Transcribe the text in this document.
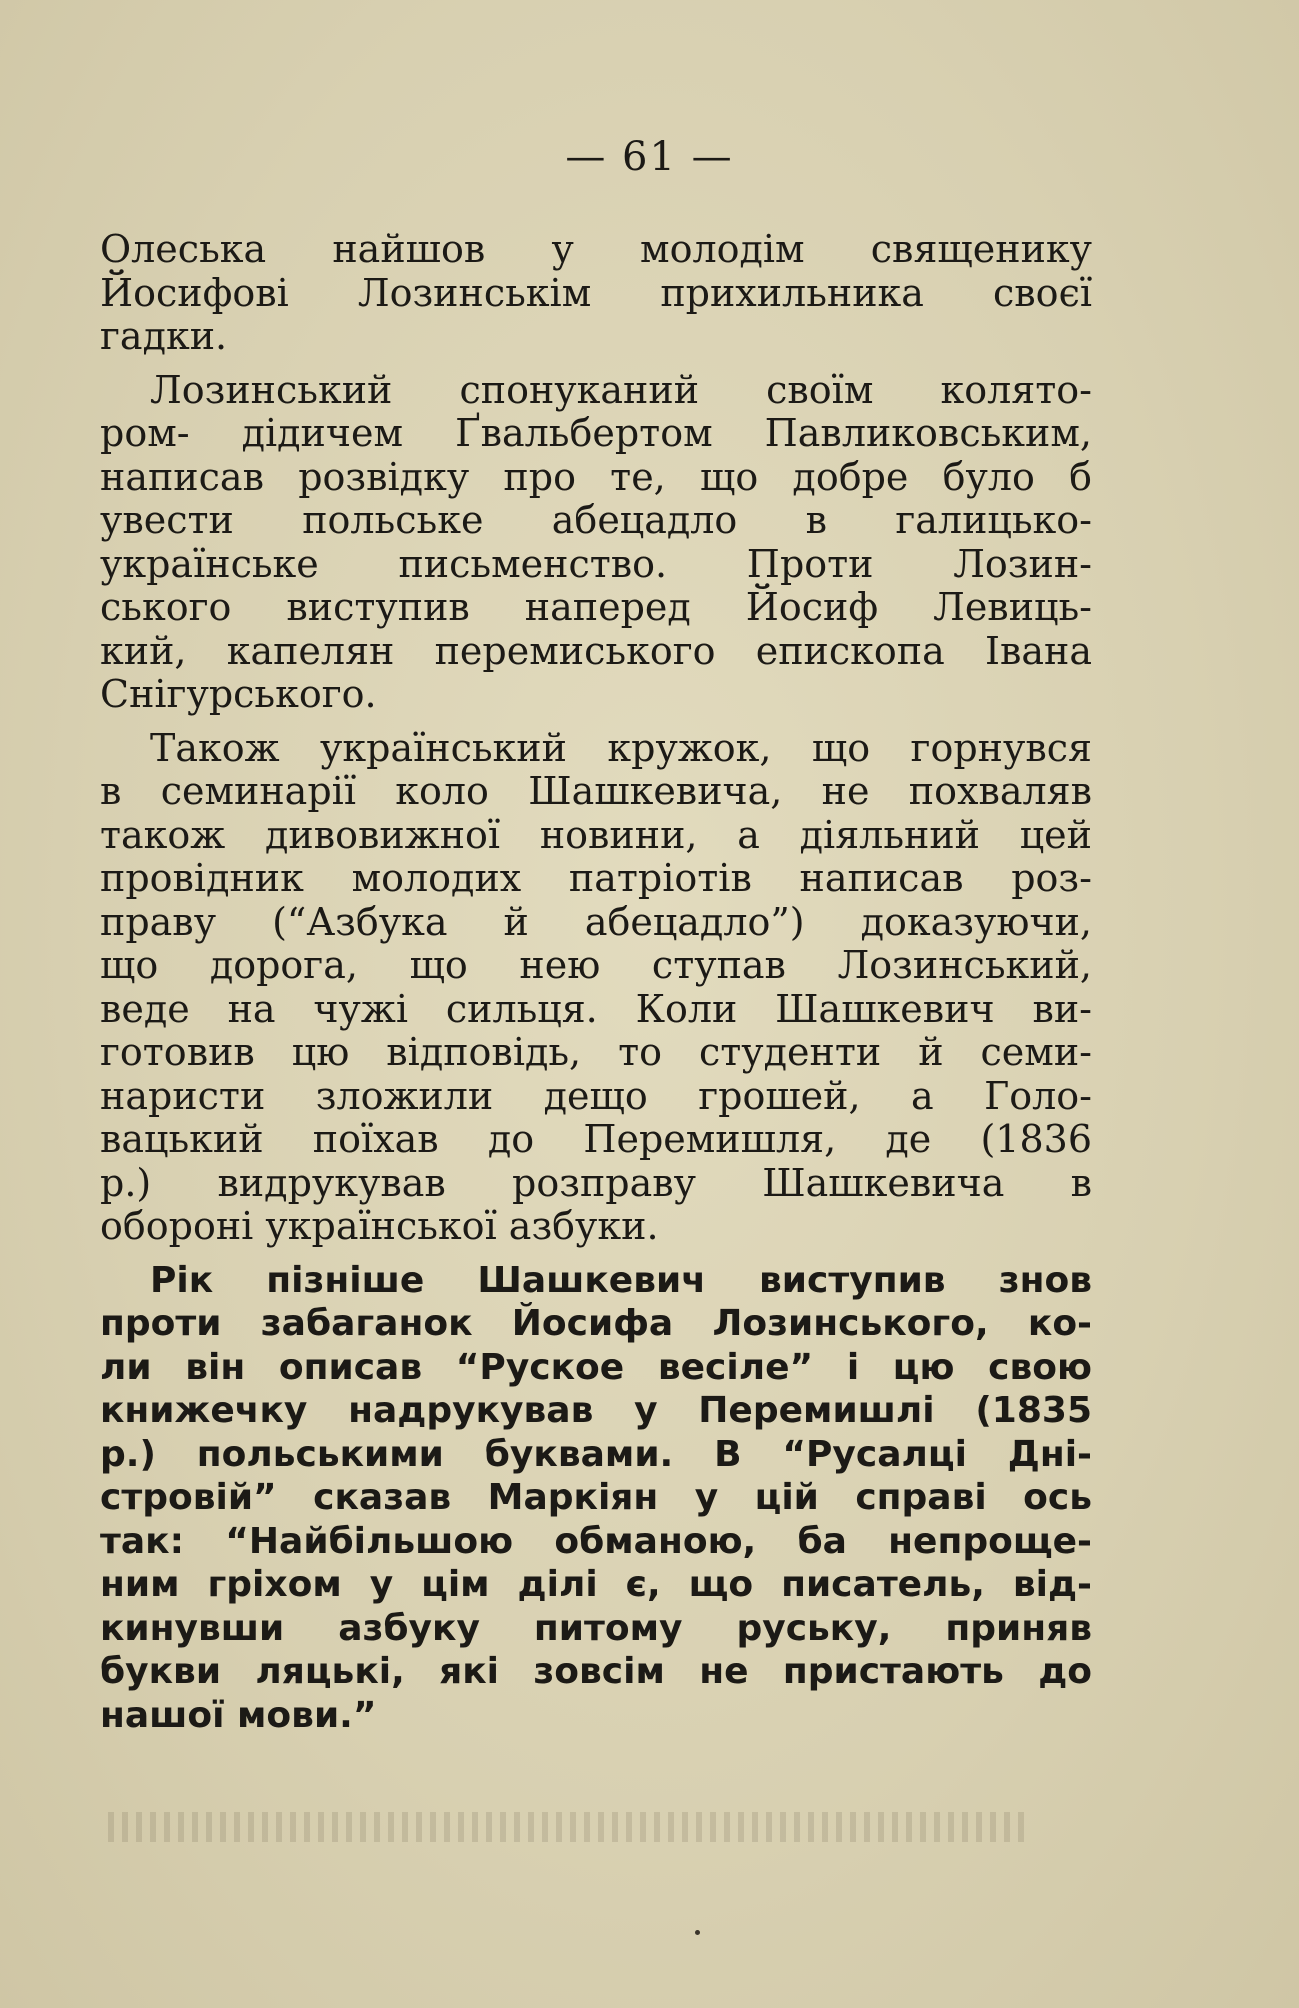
— 61 —

Олеська найшов у молодім священику
Йосифові Лозинськім прихильника своєї
гадки.

Лозинський спонуканий своїм колято-
ром- дідичем Ґвальбертом Павликовським,
написав розвідку про те, що добре було б
увести польське абецадло в галицько-
українське письменство. Проти Лозин-
ського виступив наперед Йосиф Левиць-
кий, капелян перемиського епископа Івана
Снігурського.

Також український кружок, що горнувся
в семинарії коло Шашкевича, не похваляв
також дивовижної новини, а діяльний цей
провідник молодих патріотів написав роз-
праву (“Азбука й абецадло”) доказуючи,
що дорога, що нею ступав Лозинський,
веде на чужі сильця. Коли Шашкевич ви-
готовив цю відповідь, то студенти й семи-
наристи зложили дещо грошей, а Голо-
вацький поїхав до Перемишля, де (1836
р.) видрукував розправу Шашкевича в
обороні української азбуки.

Рік пізніше Шашкевич виступив знов
проти забаганок Йосифа Лозинського, ко-
ли він описав “Руское весіле” і цю свою
книжечку надрукував у Перемишлі (1835
р.) польськими буквами. В “Русалці Дні-
стровій” сказав Маркіян у цій справі ось
так: “Найбільшою обманою, ба непроще-
ним гріхом у цім ділі є, що писатель, від-
кинувши азбуку питому руську, приняв
букви ляцькі, які зовсім не пристають до
нашої мови.”
